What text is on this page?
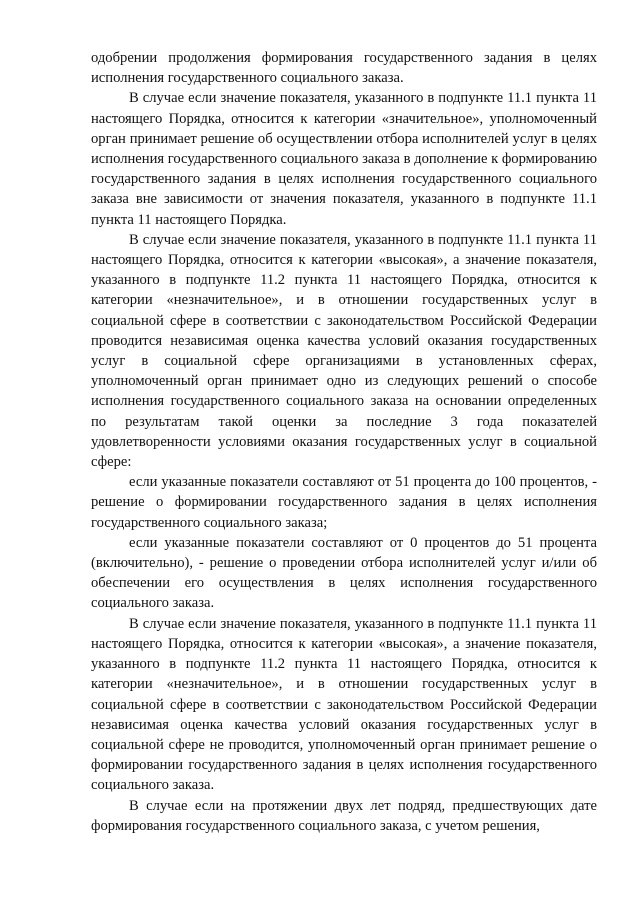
одобрении продолжения формирования государственного задания в целях исполнения государственного социального заказа.

В случае если значение показателя, указанного в подпункте 11.1 пункта 11 настоящего Порядка, относится к категории «значительное», уполномоченный орган принимает решение об осуществлении отбора исполнителей услуг в целях исполнения государственного социального заказа в дополнение к формированию государственного задания в целях исполнения государственного социального заказа вне зависимости от значения показателя, указанного в подпункте 11.1 пункта 11 настоящего Порядка.

В случае если значение показателя, указанного в подпункте 11.1 пункта 11 настоящего Порядка, относится к категории «высокая», а значение показателя, указанного в подпункте 11.2 пункта 11 настоящего Порядка, относится к категории «незначительное», и в отношении государственных услуг в социальной сфере в соответствии с законодательством Российской Федерации проводится независимая оценка качества условий оказания государственных услуг в социальной сфере организациями в установленных сферах, уполномоченный орган принимает одно из следующих решений о способе исполнения государственного социального заказа на основании определенных по результатам такой оценки за последние 3 года показателей удовлетворенности условиями оказания государственных услуг в социальной сфере:

если указанные показатели составляют от 51 процента до 100 процентов, - решение о формировании государственного задания в целях исполнения государственного социального заказа;

если указанные показатели составляют от 0 процентов до 51 процента (включительно), - решение о проведении отбора исполнителей услуг и/или об обеспечении его осуществления в целях исполнения государственного социального заказа.

В случае если значение показателя, указанного в подпункте 11.1 пункта 11 настоящего Порядка, относится к категории «высокая», а значение показателя, указанного в подпункте 11.2 пункта 11 настоящего Порядка, относится к категории «незначительное», и в отношении государственных услуг в социальной сфере в соответствии с законодательством Российской Федерации независимая оценка качества условий оказания государственных услуг в социальной сфере не проводится, уполномоченный орган принимает решение о формировании государственного задания в целях исполнения государственного социального заказа.

В случае если на протяжении двух лет подряд, предшествующих дате формирования государственного социального заказа, с учетом решения,
